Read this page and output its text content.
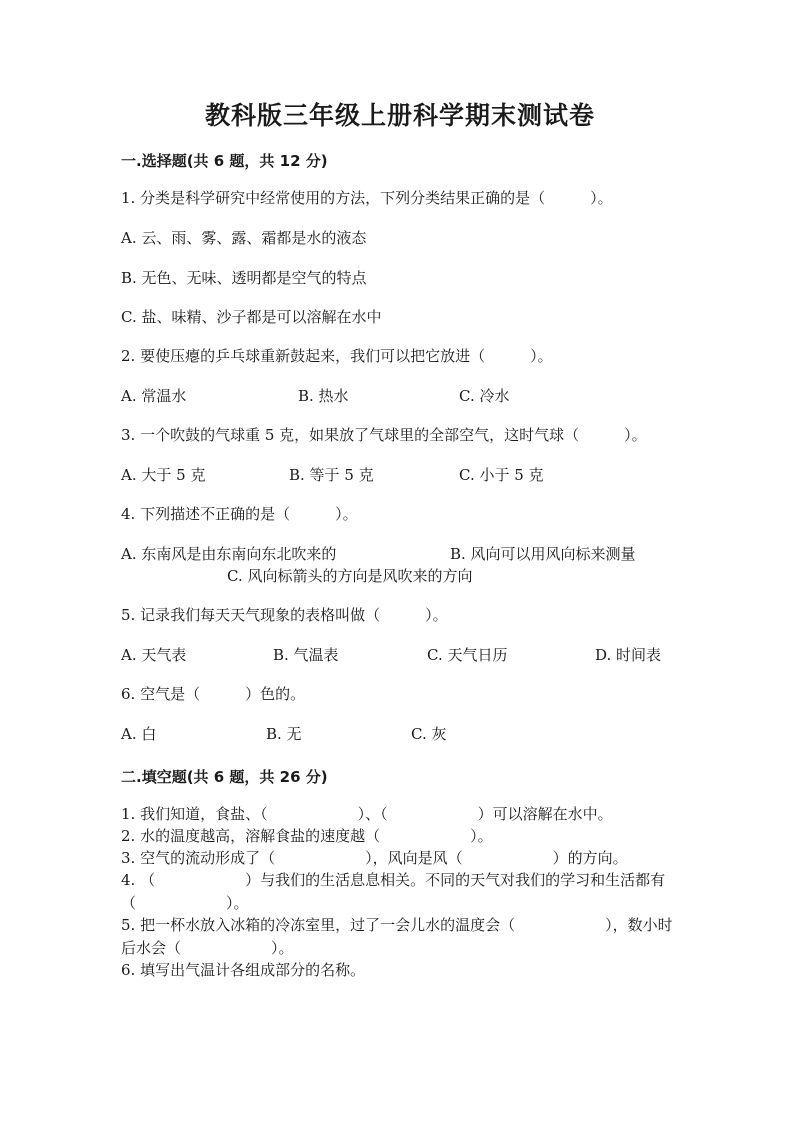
教科版三年级上册科学期末测试卷
一.选择题(共 6 题，共 12 分)
1. 分类是科学研究中经常使用的方法，下列分类结果正确的是（　　　）。
A. 云、雨、雾、露、霜都是水的液态
B. 无色、无味、透明都是空气的特点
C. 盐、味精、沙子都是可以溶解在水中
2. 要使压瘪的乒乓球重新鼓起来，我们可以把它放进（　　　）。
A. 常温水	B. 热水	C. 冷水
3. 一个吹鼓的气球重 5 克，如果放了气球里的全部空气，这时气球（　　　）。
A. 大于 5 克	B. 等于 5 克	C. 小于 5 克
4. 下列描述不正确的是（　　　）。
A. 东南风是由东南向东北吹来的	B. 风向可以用风向标来测量
C. 风向标箭头的方向是风吹来的方向
5. 记录我们每天天气现象的表格叫做（　　　）。
A. 天气表	B. 气温表	C. 天气日历	D. 时间表
6. 空气是（　　　）色的。
A. 白	B. 无	C. 灰
二.填空题(共 6 题，共 26 分)
1. 我们知道，食盐、（　　　　　　）、（　　　　　　）可以溶解在水中。
2. 水的温度越高，溶解食盐的速度越（　　　　　　）。
3. 空气的流动形成了（　　　　　　），风向是风（　　　　　　）的方向。
4. （　　　　　　）与我们的生活息息相关。不同的天气对我们的学习和生活都有（　　　　　　）。
5. 把一杯水放入冰箱的冷冻室里，过了一会儿水的温度会（　　　　　　），数小时后水会（　　　　　　）。
6. 填写出气温计各组成部分的名称。
